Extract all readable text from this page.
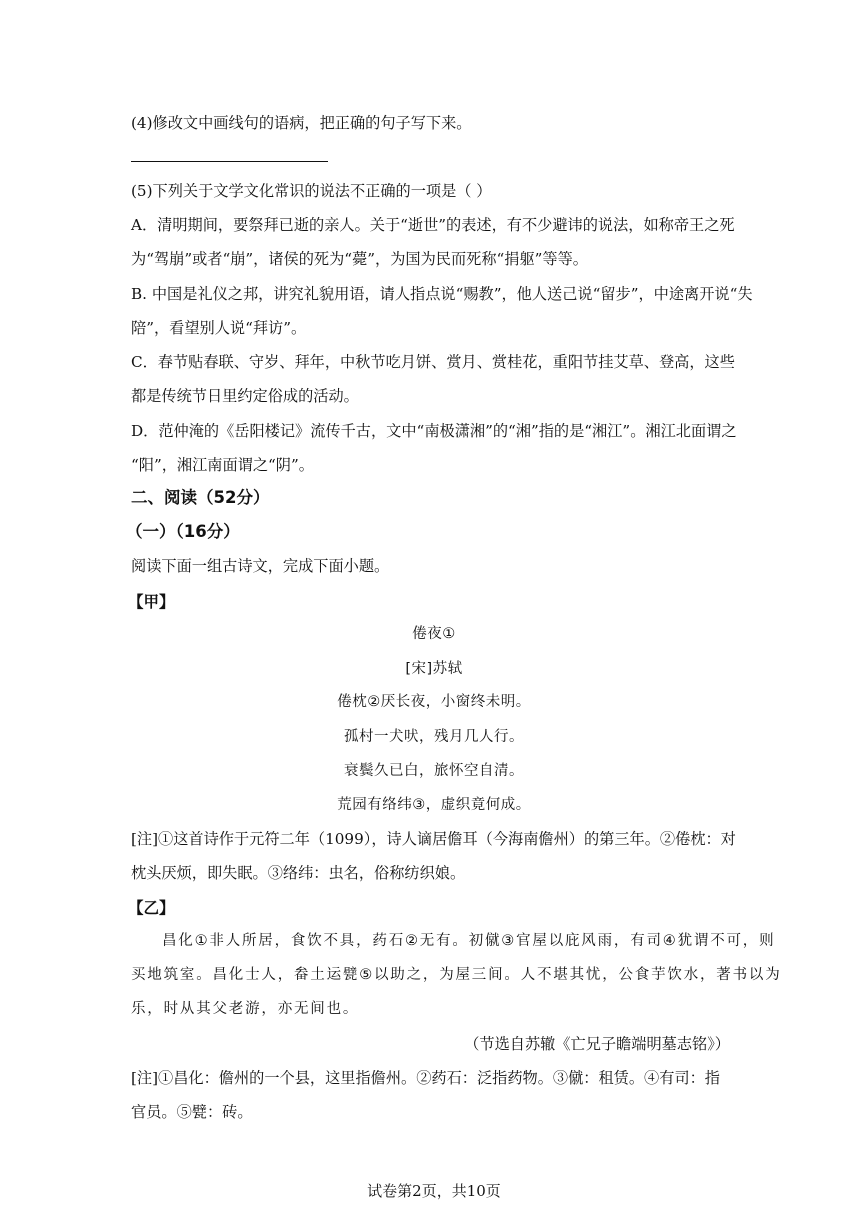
(4)修改文中画线句的语病，把正确的句子写下来。
(5)下列关于文学文化常识的说法不正确的一项是（ ）
A．清明期间，要祭拜已逝的亲人。关于“逝世”的表述，有不少避讳的说法，如称帝王之死
为“驾崩”或者“崩”，诸侯的死为“薨”，为国为民而死称“捐躯”等等。
B. 中国是礼仪之邦，讲究礼貌用语，请人指点说“赐教”，他人送己说“留步”，中途离开说“失
陪”，看望别人说“拜访”。
C．春节贴春联、守岁、拜年，中秋节吃月饼、赏月、赏桂花，重阳节挂艾草、登高，这些
都是传统节日里约定俗成的活动。
D．范仲淹的《岳阳楼记》流传千古，文中“南极潇湘”的“湘”指的是“湘江”。湘江北面谓之
“阳”，湘江南面谓之“阴”。
二、阅读（52分）
（一）（16分）
阅读下面一组古诗文，完成下面小题。
【甲】
倦夜①
[宋]苏轼
倦枕②厌长夜，小窗终未明。
孤村一犬吠，残月几人行。
衰鬓久已白，旅怀空自清。
荒园有络纬③，虚织竟何成。
[注]①这首诗作于元符二年（1099），诗人谪居儋耳（今海南儋州）的第三年。②倦枕：对
枕头厌烦，即失眠。③络纬：虫名，俗称纺织娘。
【乙】
昌化①非人所居，食饮不具，药石②无有。初僦③官屋以庇风雨，有司④犹谓不可，则
买地筑室。昌化士人，畚土运甓⑤以助之，为屋三间。人不堪其忧，公食芋饮水，著书以为
乐，时从其父老游，亦无间也。
（节选自苏辙《亡兄子瞻端明墓志铭》）
[注]①昌化：儋州的一个县，这里指儋州。②药石：泛指药物。③僦：租赁。④有司：指
官员。⑤甓：砖。
试卷第2页，共10页
